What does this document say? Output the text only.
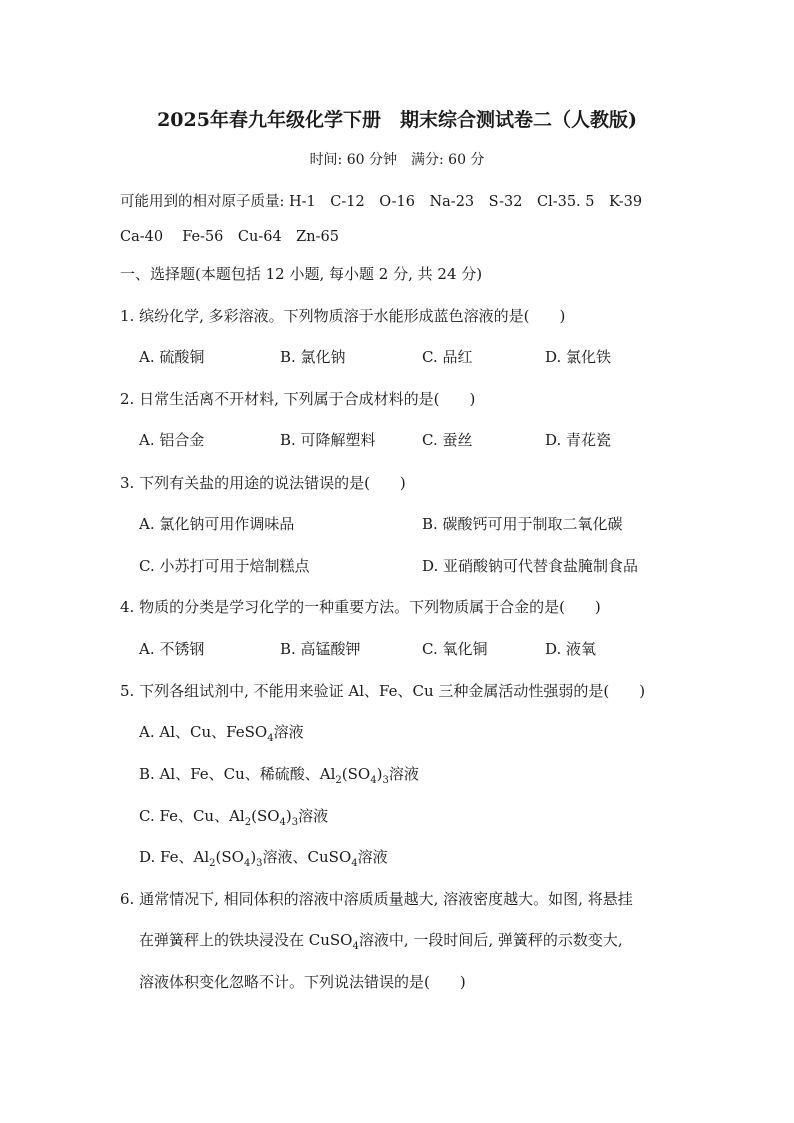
2025年春九年级化学下册　期末综合测试卷二（人教版)
时间: 60 分钟　满分: 60 分
可能用到的相对原子质量: H-1　C-12　O-16　Na-23　S-32　Cl-35. 5　K-39
Ca-40　 Fe-56　Cu-64　Zn-65
一、选择题(本题包括 12 小题, 每小题 2 分, 共 24 分)
1. 缤纷化学, 多彩溶液。下列物质溶于水能形成蓝色溶液的是(　　)
A. 硫酸铜	B. 氯化钠	C. 品红	D. 氯化铁
2. 日常生活离不开材料, 下列属于合成材料的是(　　)
A. 铝合金	B. 可降解塑料	C. 蚕丝	D. 青花瓷
3. 下列有关盐的用途的说法错误的是(　　)
A. 氯化钠可用作调味品	B. 碳酸钙可用于制取二氧化碳
C. 小苏打可用于焙制糕点	D. 亚硝酸钠可代替食盐腌制食品
4. 物质的分类是学习化学的一种重要方法。下列物质属于合金的是(　　)
A. 不锈钢	B. 高锰酸钾	C. 氧化铜	D. 液氧
5. 下列各组试剂中, 不能用来验证 Al、Fe、Cu 三种金属活动性强弱的是(　　)
A. Al、Cu、FeSO$_4$溶液
B. Al、Fe、Cu、稀硫酸、$Al_2(SO_4)_3$溶液
C. Fe、Cu、$Al_2(SO_4)_3$溶液
D. Fe、$Al_2(SO_4)_3$溶液、CuSO$_4$溶液
6. 通常情况下, 相同体积的溶液中溶质质量越大, 溶液密度越大。如图, 将悬挂
在弹簧秤上的铁块浸没在 CuSO$_4$溶液中, 一段时间后, 弹簧秤的示数变大,
溶液体积变化忽略不计。下列说法错误的是(　　)
